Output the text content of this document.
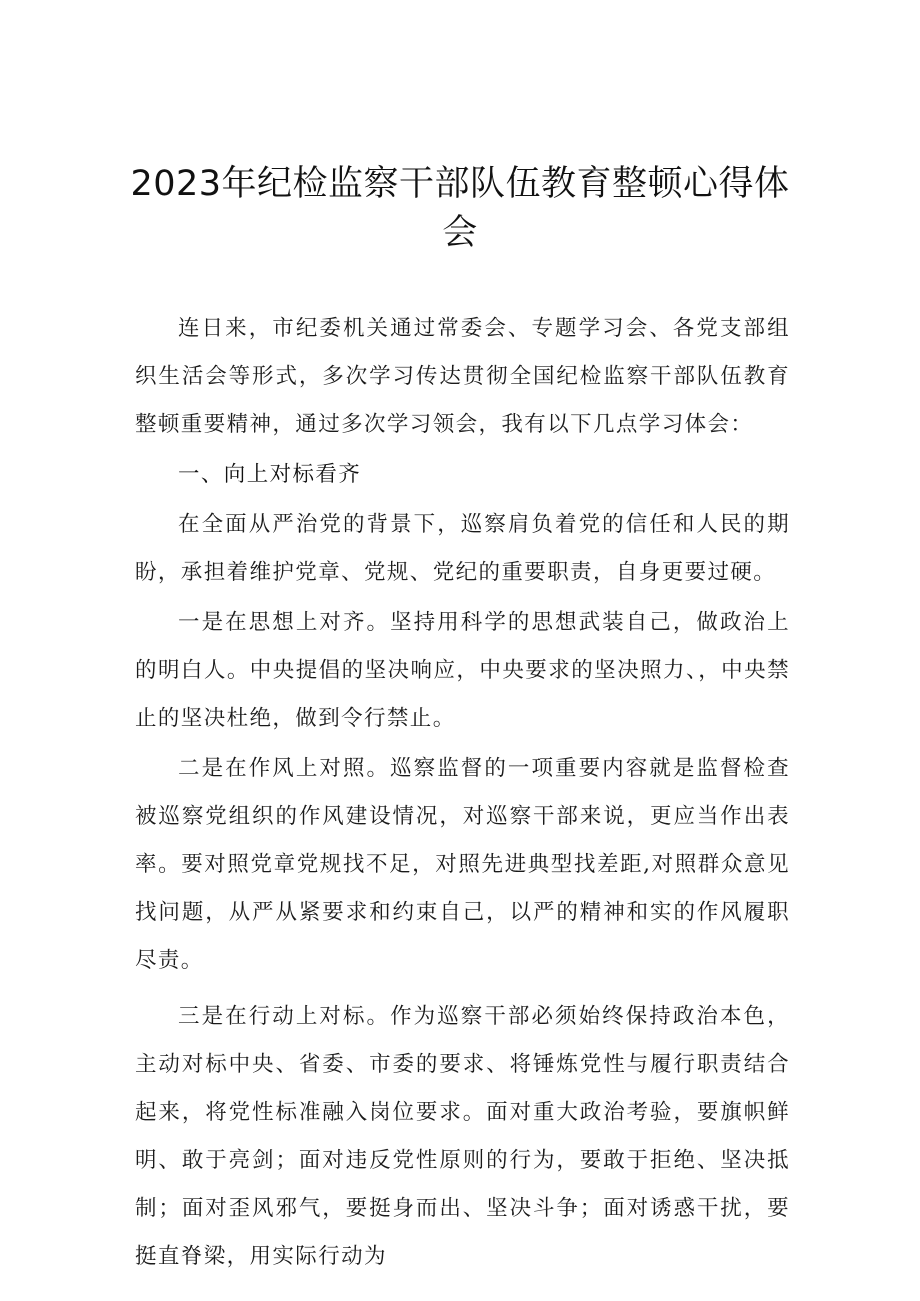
2023年纪检监察干部队伍教育整顿心得体会

连日来，市纪委机关通过常委会、专题学习会、各党支部组织生活会等形式，多次学习传达贯彻全国纪检监察干部队伍教育整顿重要精神，通过多次学习领会，我有以下几点学习体会：

一、向上对标看齐

在全面从严治党的背景下，巡察肩负着党的信任和人民的期盼，承担着维护党章、党规、党纪的重要职责，自身更要过硬。

一是在思想上对齐。坚持用科学的思想武装自己，做政治上的明白人。中央提倡的坚决响应，中央要求的坚决照力、，中央禁止的坚决杜绝，做到令行禁止。

二是在作风上对照。巡察监督的一项重要内容就是监督检查被巡察党组织的作风建设情况，对巡察干部来说，更应当作出表率。要对照党章党规找不足，对照先进典型找差距,对照群众意见找问题，从严从紧要求和约束自己，以严的精神和实的作风履职尽责。

三是在行动上对标。作为巡察干部必须始终保持政治本色，主动对标中央、省委、市委的要求、将锤炼党性与履行职责结合起来，将党性标准融入岗位要求。面对重大政治考验，要旗帜鲜明、敢于亮剑；面对违反党性原则的行为，要敢于拒绝、坚决抵制；面对歪风邪气，要挺身而出、坚决斗争；面对诱惑干扰，要挺直脊梁，用实际行动为
